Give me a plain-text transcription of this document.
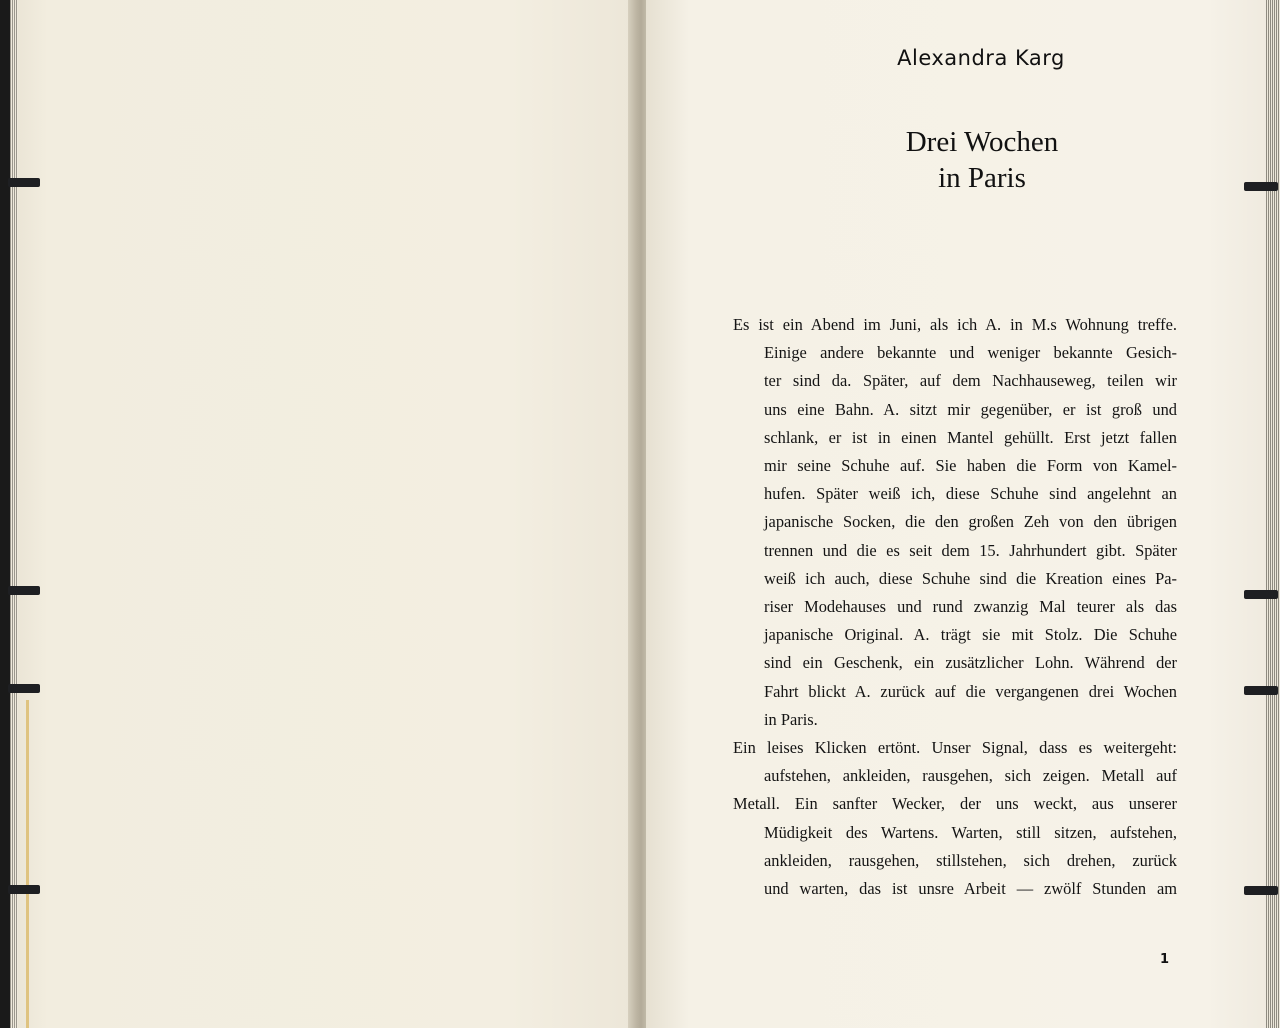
Alexandra Karg
Drei Wochen
in Paris
Es ist ein Abend im Juni, als ich A. in M.s Wohnung treffe.
Einige andere bekannte und weniger bekannte Gesich-
ter sind da. Später, auf dem Nachhauseweg, teilen wir
uns eine Bahn. A. sitzt mir gegenüber, er ist groß und
schlank, er ist in einen Mantel gehüllt. Erst jetzt fallen
mir seine Schuhe auf. Sie haben die Form von Kamel-
hufen. Später weiß ich, diese Schuhe sind angelehnt an
japanische Socken, die den großen Zeh von den übrigen
trennen und die es seit dem 15. Jahrhundert gibt. Später
weiß ich auch, diese Schuhe sind die Kreation eines Pa-
riser Modehauses und rund zwanzig Mal teurer als das
japanische Original. A. trägt sie mit Stolz. Die Schuhe
sind ein Geschenk, ein zusätzlicher Lohn. Während der
Fahrt blickt A. zurück auf die vergangenen drei Wochen
in Paris.
Ein leises Klicken ertönt. Unser Signal, dass es weitergeht:
aufstehen, ankleiden, rausgehen, sich zeigen. Metall auf
Metall. Ein sanfter Wecker, der uns weckt, aus unserer
Müdigkeit des Wartens. Warten, still sitzen, aufstehen,
ankleiden, rausgehen, stillstehen, sich drehen, zurück
und warten, das ist unsre Arbeit — zwölf Stunden am
1
